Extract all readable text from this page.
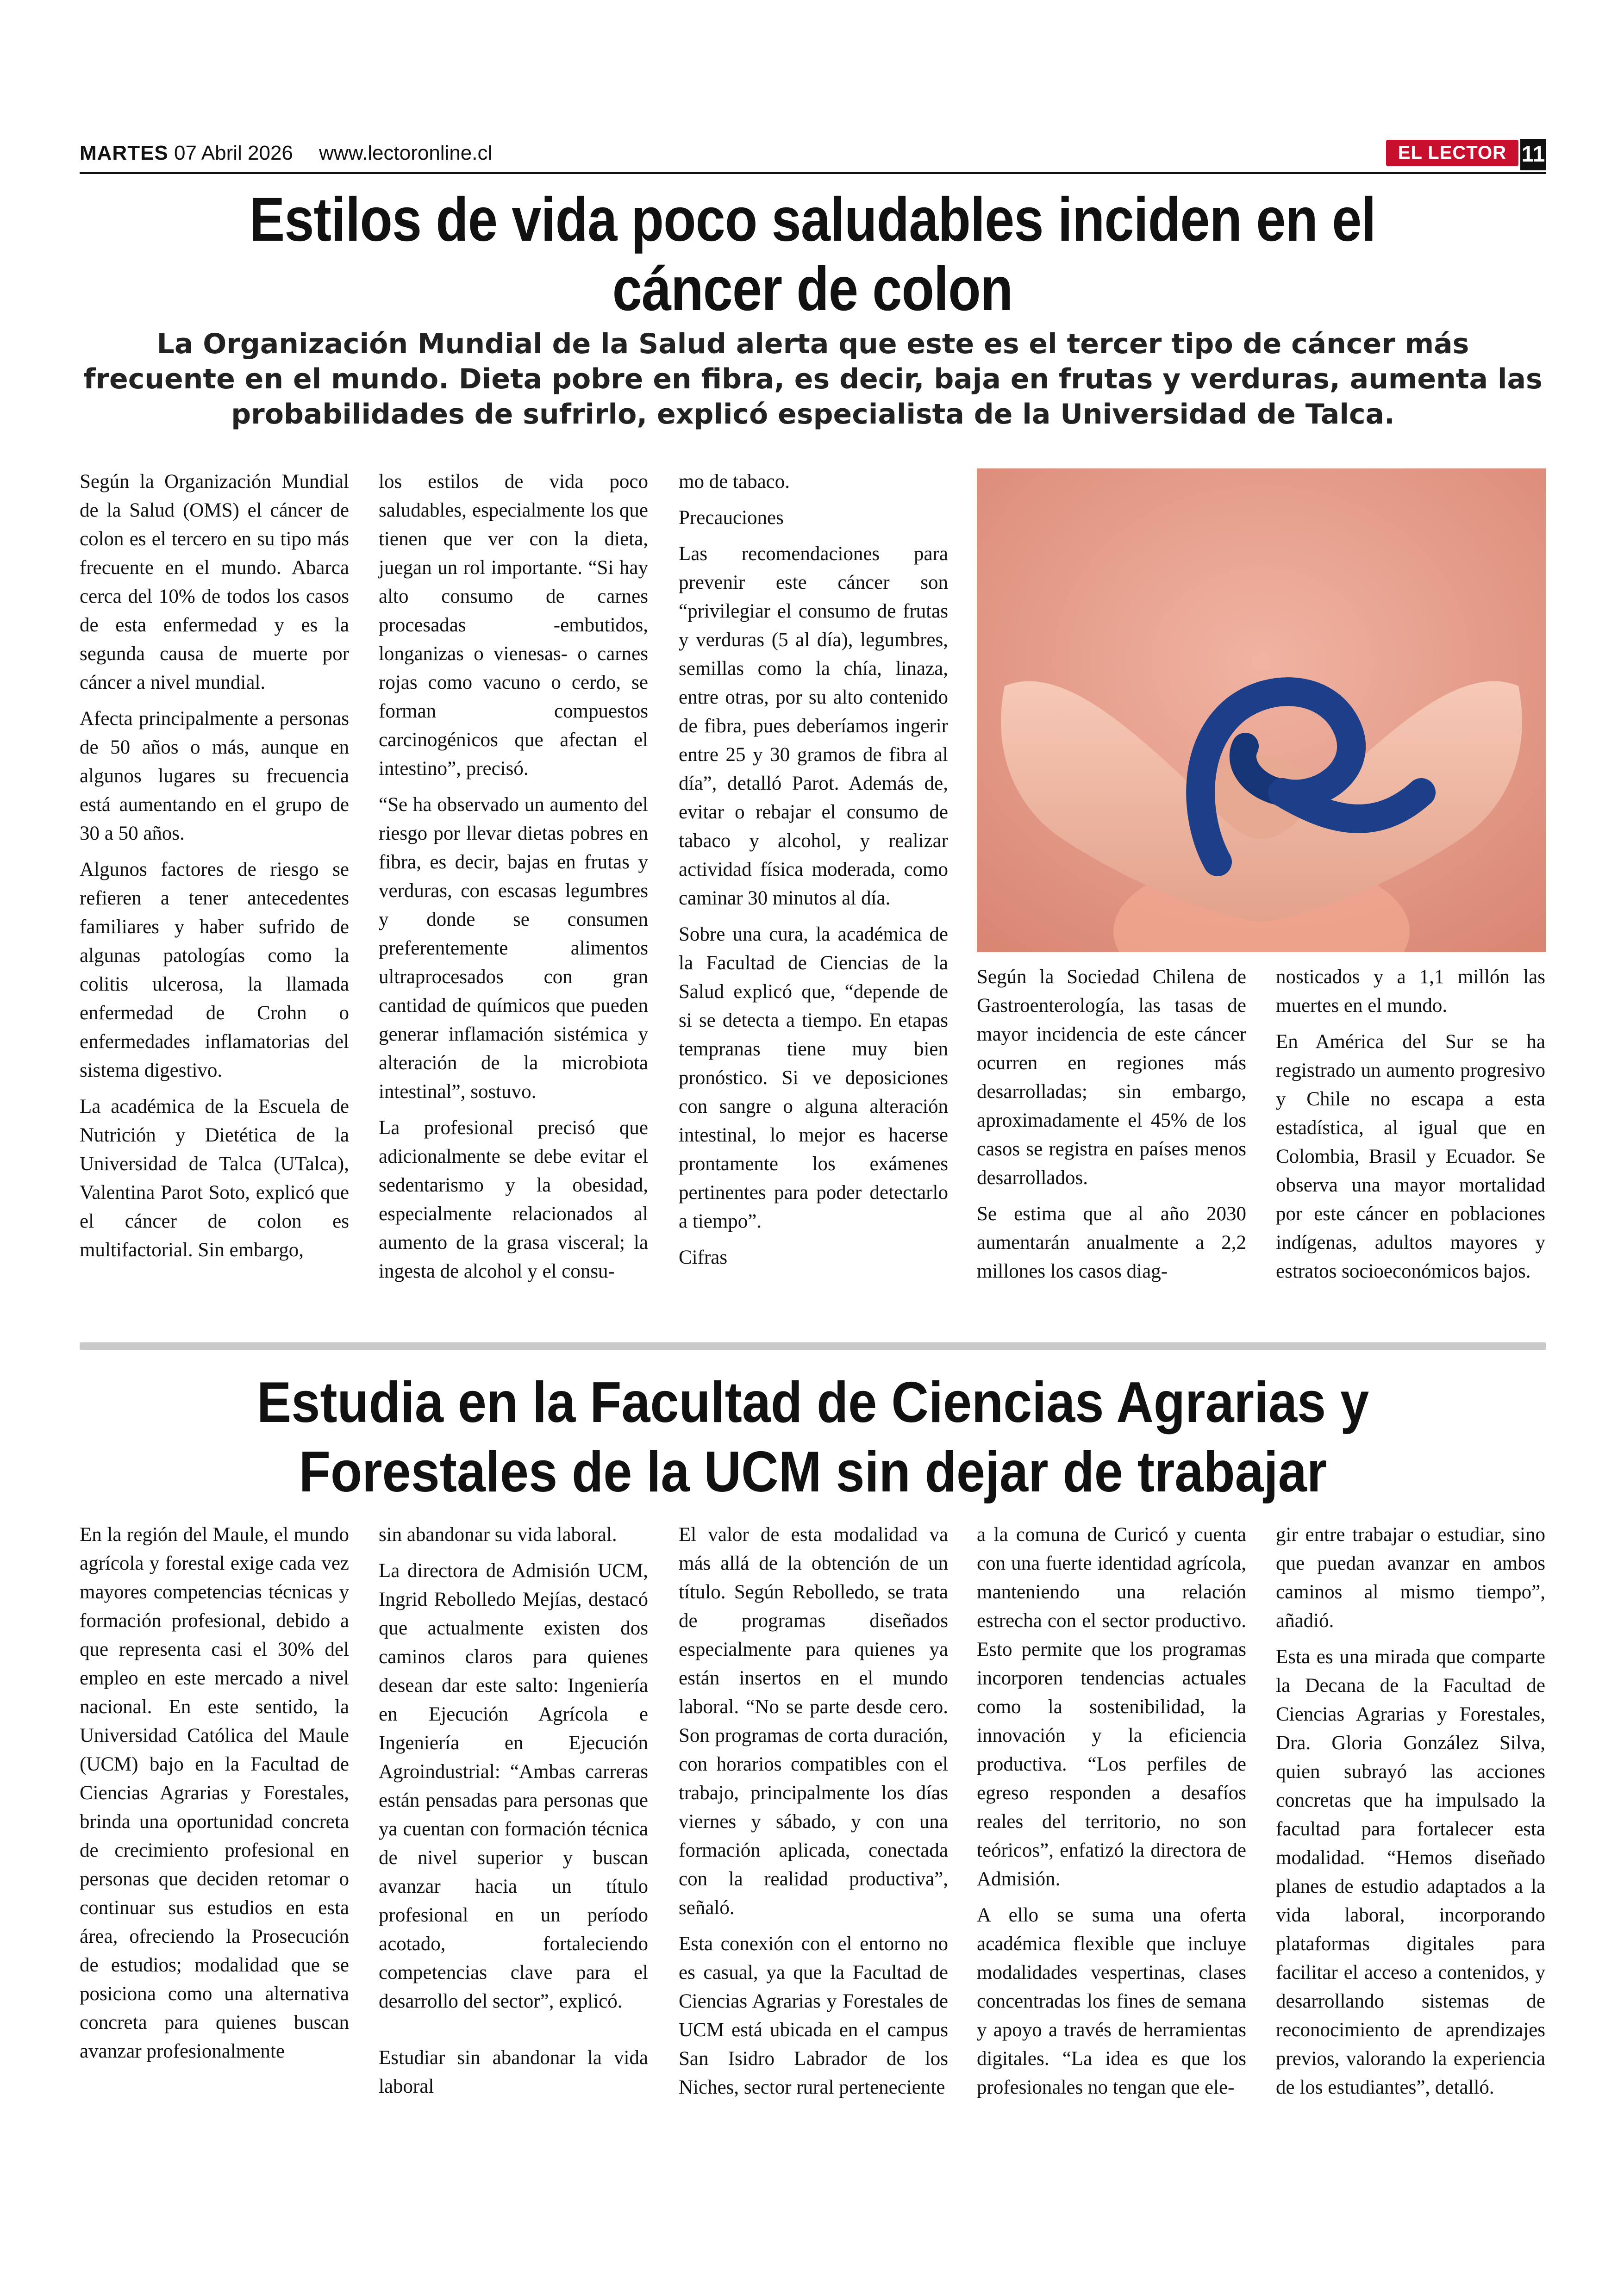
MARTES 07 Abril 2026 www.lectoronline.cl	EL LECTOR 11
Estilos de vida poco saludables inciden en el cáncer de colon
La Organización Mundial de la Salud alerta que este es el tercer tipo de cáncer más frecuente en el mundo. Dieta pobre en fibra, es decir, baja en frutas y verduras, aumenta las probabilidades de sufrirlo, explicó especialista de la Universidad de Talca.

Según la Organización Mundial de la Salud (OMS) el cáncer de colon es el tercero en su tipo más frecuente en el mundo. Abarca cerca del 10% de todos los casos de esta enfermedad y es la segunda causa de muerte por cáncer a nivel mundial.

Afecta principalmente a personas de 50 años o más, aunque en algunos lugares su frecuencia está aumentando en el grupo de 30 a 50 años.

Algunos factores de riesgo se refieren a tener antecedentes familiares y haber sufrido de algunas patologías como la colitis ulcerosa, la llamada enfermedad de Crohn o enfermedades inflamatorias del sistema digestivo.

La académica de la Escuela de Nutrición y Dietética de la Universidad de Talca (UTalca), Valentina Parot Soto, explicó que el cáncer de colon es multifactorial. Sin embargo,

los estilos de vida poco saludables, especialmente los que tienen que ver con la dieta, juegan un rol importante. “Si hay alto consumo de carnes procesadas -embutidos, longanizas o vienesas- o carnes rojas como vacuno o cerdo, se forman compuestos carcinogénicos que afectan el intestino”, precisó.

“Se ha observado un aumento del riesgo por llevar dietas pobres en fibra, es decir, bajas en frutas y verduras, con escasas legumbres y donde se consumen preferentemente alimentos ultraprocesados con gran cantidad de químicos que pueden generar inflamación sistémica y alteración de la microbiota intestinal”, sostuvo.

La profesional precisó que adicionalmente se debe evitar el sedentarismo y la obesidad, especialmente relacionados al aumento de la grasa visceral; la ingesta de alcohol y el consu-

mo de tabaco.

Precauciones

Las recomendaciones para prevenir este cáncer son “privilegiar el consumo de frutas y verduras (5 al día), legumbres, semillas como la chía, linaza, entre otras, por su alto contenido de fibra, pues deberíamos ingerir entre 25 y 30 gramos de fibra al día”, detalló Parot. Además de, evitar o rebajar el consumo de tabaco y alcohol, y realizar actividad física moderada, como caminar 30 minutos al día.

Sobre una cura, la académica de la Facultad de Ciencias de la Salud explicó que, “depende de si se detecta a tiempo. En etapas tempranas tiene muy bien pronóstico. Si ve deposiciones con sangre o alguna alteración intestinal, lo mejor es hacerse prontamente los exámenes pertinentes para poder detectarlo a tiempo”.

Cifras

Según la Sociedad Chilena de Gastroenterología, las tasas de mayor incidencia de este cáncer ocurren en regiones más desarrolladas; sin embargo, aproximadamente el 45% de los casos se registra en países menos desarrollados.

Se estima que al año 2030 aumentarán anualmente a 2,2 millones los casos diag-

nosticados y a 1,1 millón las muertes en el mundo.

En América del Sur se ha registrado un aumento progresivo y Chile no escapa a esta estadística, al igual que en Colombia, Brasil y Ecuador. Se observa una mayor mortalidad por este cáncer en poblaciones indígenas, adultos mayores y estratos socioeconómicos bajos.

Estudia en la Facultad de Ciencias Agrarias y Forestales de la UCM sin dejar de trabajar

En la región del Maule, el mundo agrícola y forestal exige cada vez mayores competencias técnicas y formación profesional, debido a que representa casi el 30% del empleo en este mercado a nivel nacional. En este sentido, la Universidad Católica del Maule (UCM) bajo en la Facultad de Ciencias Agrarias y Forestales, brinda una oportunidad concreta de crecimiento profesional en personas que deciden retomar o continuar sus estudios en esta área, ofreciendo la Prosecución de estudios; modalidad que se posiciona como una alternativa concreta para quienes buscan avanzar profesionalmente

sin abandonar su vida laboral.

La directora de Admisión UCM, Ingrid Rebolledo Mejías, destacó que actualmente existen dos caminos claros para quienes desean dar este salto: Ingeniería en Ejecución Agrícola e Ingeniería en Ejecución Agroindustrial: “Ambas carreras están pensadas para personas que ya cuentan con formación técnica de nivel superior y buscan avanzar hacia un título profesional en un período acotado, fortaleciendo competencias clave para el desarrollo del sector”, explicó.

Estudiar sin abandonar la vida laboral

El valor de esta modalidad va más allá de la obtención de un título. Según Rebolledo, se trata de programas diseñados especialmente para quienes ya están insertos en el mundo laboral. “No se parte desde cero. Son programas de corta duración, con horarios compatibles con el trabajo, principalmente los días viernes y sábado, y con una formación aplicada, conectada con la realidad productiva”, señaló.

Esta conexión con el entorno no es casual, ya que la Facultad de Ciencias Agrarias y Forestales de UCM está ubicada en el campus San Isidro Labrador de los Niches, sector rural perteneciente

a la comuna de Curicó y cuenta con una fuerte identidad agrícola, manteniendo una relación estrecha con el sector productivo. Esto permite que los programas incorporen tendencias actuales como la sostenibilidad, la innovación y la eficiencia productiva. “Los perfiles de egreso responden a desafíos reales del territorio, no son teóricos”, enfatizó la directora de Admisión.

A ello se suma una oferta académica flexible que incluye modalidades vespertinas, clases concentradas los fines de semana y apoyo a través de herramientas digitales. “La idea es que los profesionales no tengan que ele-

gir entre trabajar o estudiar, sino que puedan avanzar en ambos caminos al mismo tiempo”, añadió.

Esta es una mirada que comparte la Decana de la Facultad de Ciencias Agrarias y Forestales, Dra. Gloria González Silva, quien subrayó las acciones concretas que ha impulsado la facultad para fortalecer esta modalidad. “Hemos diseñado planes de estudio adaptados a la vida laboral, incorporando plataformas digitales para facilitar el acceso a contenidos, y desarrollando sistemas de reconocimiento de aprendizajes previos, valorando la experiencia de los estudiantes”, detalló.
